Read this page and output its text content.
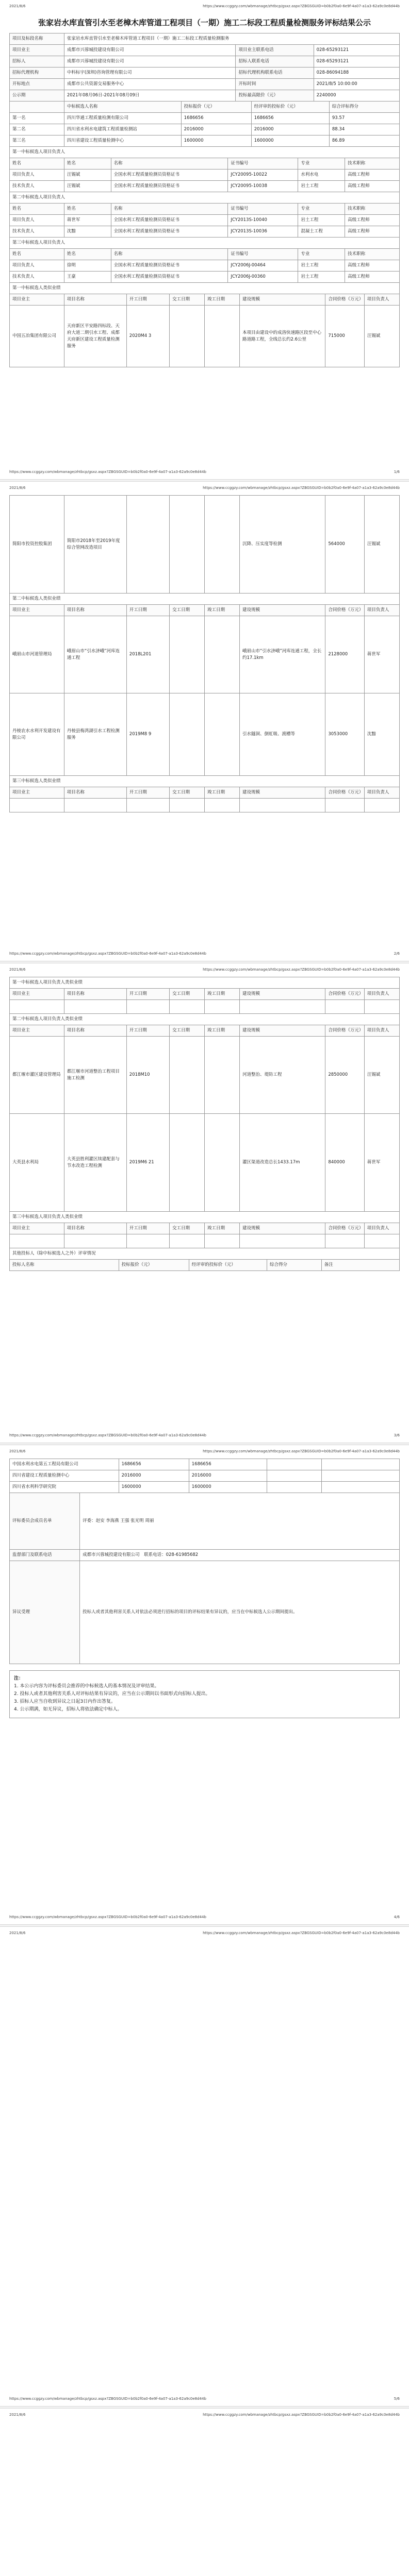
2021/8/6	https://www.ccggzy.com/wbmanage/zhtbcp/gsxz.aspx?ZBGSGUID=b0b2f0a0-6e9f-4a07-a1a3-62a9c0e8d44b
张家岩水库直管引水至老樟木库管道工程项目（一期）施工二标段工程质量检测服务评标结果公示
项目及标段名称	张家岩水库直管引水至老樟木库管道工程项目（一期）施工二标段工程质量检测服务		
项目业主	成都市兴蓉城投建设有限公司	项目业主联系电话	028-65293121
招标人	成都市兴蓉城投建设有限公司	招标人联系电话	028-65293121
招标代理机构	中科标宇(深圳)咨询管理有限公司	招标代理机构联系电话	028-86094188
开标地点	成都市公共资源交易服务中心	开标时间	2021/8/5 10:00:00
公示期	2021年08月06日-2021年08月09日	投标最高限价（元）	2240000
	中标候选人名称	投标报价（元）	经评审的投标价（元）	综合评标得分
第一名	四川华通工程质量检测有限公司	1686656	1686656	93.57
第二名	四川省水利水电建筑工程质量检测站	2016000	2016000	88.34
第三名	四川省建设工程质量检测中心	1600000	1600000	86.89
第一中标候选人项目负责人					
姓名	姓名	名称	证书编号	专业	技术职称
项目负责人	汪锡斌	全国水利工程质量检测员资格证书	JCY20095-10022	水利水电	高级工程师
技术负责人	汪锡斌	全国水利工程质量检测员资格证书	JCY20095-10038	岩土工程	高级工程师
第二中标候选人项目负责人					
姓名	姓名	名称	证书编号	专业	技术职称
项目负责人	蒋世军	全国水利工程质量检测员资格证书	JCY2013S-10040	岩土工程	高级工程师
技术负责人	沈黯	全国水利工程质量检测员资格证书	JCY2013S-10036	混凝土工程	高级工程师
第三中标候选人项目负责人					
姓名	姓名	名称	证书编号	专业	技术职称
项目负责人	徐明	全国水利工程质量检测员资格证书	JCY2006J-00464	岩土工程	高级工程师
技术负责人	王豪	全国水利工程质量检测员资格证书	JCY2006J-00360	岩土工程	高级工程师
第一中标候选人类似业绩					
项目业主	项目名称	开工日期	交工日期	竣工日期	建设规模	合同价格（万元）	项目负责人
中国五冶集团有限公司	天府新区平安路四标段、天府大道二期引水工程、成都天府新区建设工程质量检测服务	2020M4 3			本项目由建设中的成洛快速路区段至中心路道路工程，全线总长约2.6公里	715000	汪锡斌
https://www.ccggzy.com/wbmanage/zhtbcp/gsxz.aspx?ZBGSGUID=b0b2f0a0-6e9f-4a07-a1a3-62a9c0e8d44b	1/6
2021/8/6	https://www.ccggzy.com/wbmanage/zhtbcp/gsxz.aspx?ZBGSGUID=b0b2f0a0-6e9f-4a07-a1a3-62a9c0e8d44b
简阳市投资控股集团	简阳市2018年至2019年度综合管网改造项目				沉降、压实度等检测	564000	汪锡斌
第二中标候选人类似业绩							
项目业主	项目名称	开工日期	交工日期	竣工日期	建设规模	合同价格（万元）	项目负责人
峨眉山市河道管理局	峨眉山市“引水济峨”河库连通工程	2018L201			峨眉山市“引水济峨”河库连通工程，全长约17.1km	2128000	蒋世军
丹棱农水水利开发建设有限公司	丹棱县梅湾湖引水工程检测服务	2019M8 9			引水隧洞、倒虹吸、渡槽等	3053000	沈黯
第三中标候选人类似业绩							
项目业主	项目名称	开工日期	交工日期	竣工日期	建设规模	合同价格（万元）	项目负责人

https://www.ccggzy.com/wbmanage/zhtbcp/gsxz.aspx?ZBGSGUID=b0b2f0a0-6e9f-4a07-a1a3-62a9c0e8d44b	2/6
2021/8/6	https://www.ccggzy.com/wbmanage/zhtbcp/gsxz.aspx?ZBGSGUID=b0b2f0a0-6e9f-4a07-a1a3-62a9c0e8d44b
第一中标候选人项目负责人类似业绩							
项目业主	项目名称	开工日期	交工日期	竣工日期	建设规模	合同价格（万元）	项目负责人

第二中标候选人项目负责人类似业绩							
项目业主	项目名称	开工日期	交工日期	竣工日期	建设规模	合同价格（万元）	项目负责人
都江堰市灌区建设管理局	都江堰市河道整治工程项目施工检测	2018M10			河道整治、堤防工程	2850000	汪锡斌
大英县水利局	大英县胜利灌区续建配套与节水改造工程检测	2019M6 21			灌区渠道改造总长1433.17m	840000	蒋世军
第三中标候选人项目负责人类似业绩							
项目业主	项目名称	开工日期	交工日期	竣工日期	建设规模	合同价格（万元）	项目负责人

其他投标人（除中标候选人之外）评审情况							
投标人名称	投标报价（元）	经评审的投标价（元）	综合得分	备注
https://www.ccggzy.com/wbmanage/zhtbcp/gsxz.aspx?ZBGSGUID=b0b2f0a0-6e9f-4a07-a1a3-62a9c0e8d44b	3/6
2021/8/6	https://www.ccggzy.com/wbmanage/zhtbcp/gsxz.aspx?ZBGSGUID=b0b2f0a0-6e9f-4a07-a1a3-62a9c0e8d44b
中国水利水电第五工程局有限公司	1686656	1686656		
四川省建设工程质量检测中心	2016000	2016000		
四川省水利科学研究院	1600000	1600000		
评标委员会成员名单	评委：赵安 李海燕 王强 张光明 周丽
监督部门及联系电话	成都市兴蓉城投建设有限公司　 联系电话：028-61985682
异议受理	投标人或者其他利害关系人对依法必须进行招标的项目的评标结果有异议的，应当在中标候选人公示期间提出。
注：
1. 本公示内容为评标委员会推荐的中标候选人的基本情况及评审结果。
2. 投标人或者其他利害关系人对评标结果有异议的，应当在公示期间以书面形式向招标人提出。
3. 招标人应当自收到异议之日起3日内作出答复。
4. 公示期满，如无异议，招标人将依法确定中标人。
https://www.ccggzy.com/wbmanage/zhtbcp/gsxz.aspx?ZBGSGUID=b0b2f0a0-6e9f-4a07-a1a3-62a9c0e8d44b	4/6
2021/8/6	https://www.ccggzy.com/wbmanage/zhtbcp/gsxz.aspx?ZBGSGUID=b0b2f0a0-6e9f-4a07-a1a3-62a9c0e8d44b
https://www.ccggzy.com/wbmanage/zhtbcp/gsxz.aspx?ZBGSGUID=b0b2f0a0-6e9f-4a07-a1a3-62a9c0e8d44b	5/6
2021/8/6	https://www.ccggzy.com/wbmanage/zhtbcp/gsxz.aspx?ZBGSGUID=b0b2f0a0-6e9f-4a07-a1a3-62a9c0e8d44b
